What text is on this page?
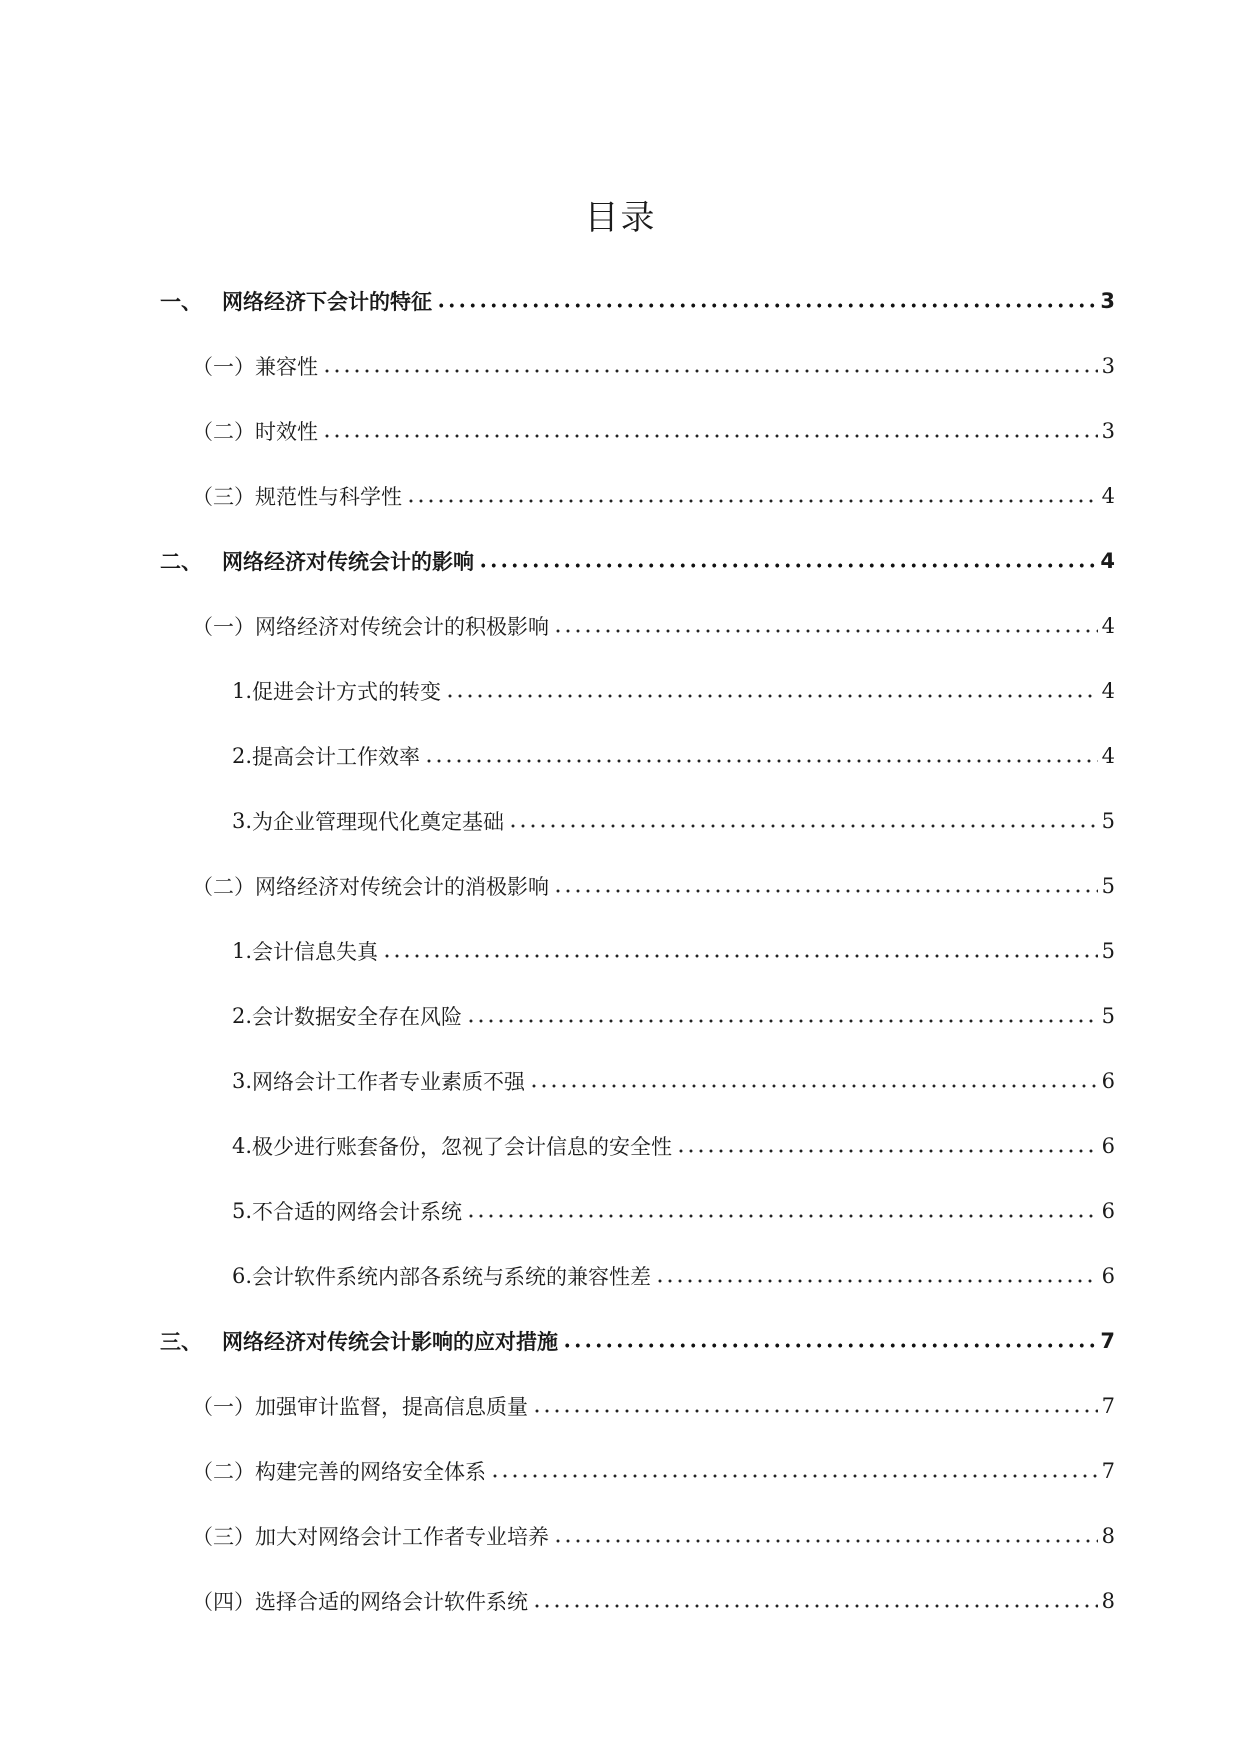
目录
一、 网络经济下会计的特征	3
（一） 兼容性	3
（二） 时效性	3
（三） 规范性与科学性	4
二、 网络经济对传统会计的影响	4
（一） 网络经济对传统会计的积极影响	4
1. 促进会计方式的转变	4
2. 提高会计工作效率	4
3. 为企业管理现代化奠定基础	5
（二） 网络经济对传统会计的消极影响	5
1. 会计信息失真	5
2. 会计数据安全存在风险	5
3. 网络会计工作者专业素质不强	6
4. 极少进行账套备份，忽视了会计信息的安全性	6
5. 不合适的网络会计系统	6
6. 会计软件系统内部各系统与系统的兼容性差	6
三、 网络经济对传统会计影响的应对措施	7
（一） 加强审计监督，提高信息质量	7
（二） 构建完善的网络安全体系	7
（三） 加大对网络会计工作者专业培养	8
（四） 选择合适的网络会计软件系统	8
